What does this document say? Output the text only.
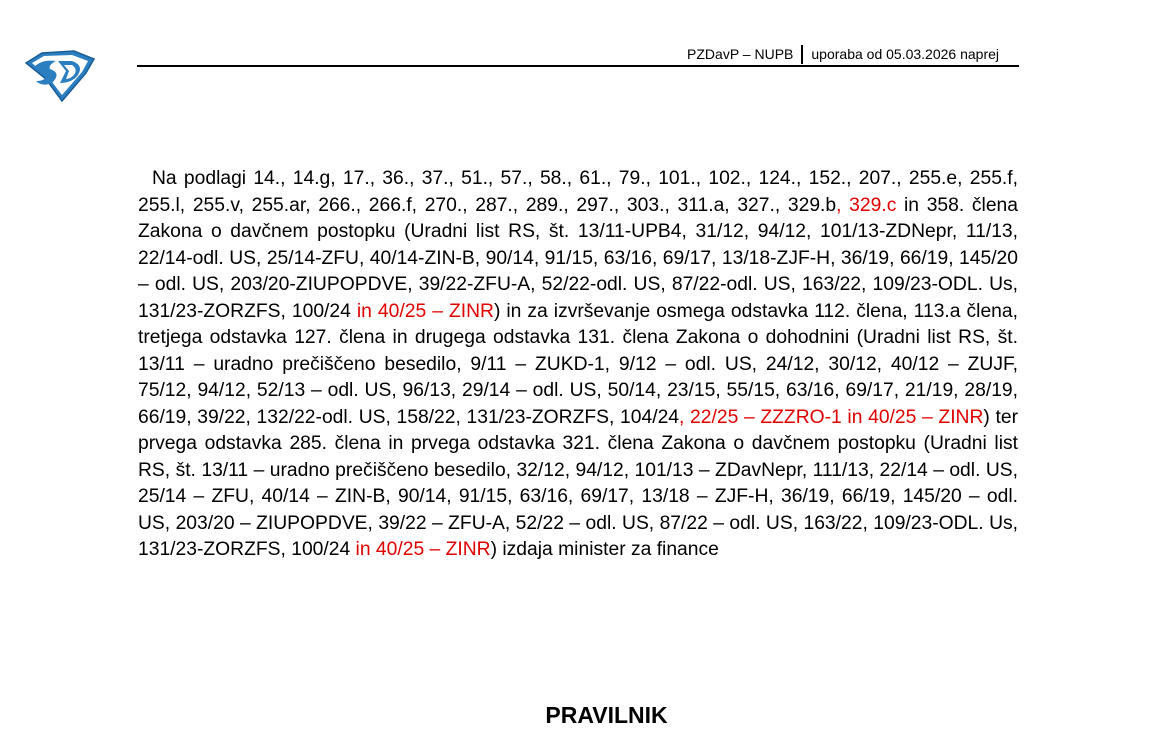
PZDavP – NUPB uporaba od 05.03.2026 naprej

Na podlagi 14., 14.g, 17., 36., 37., 51., 57., 58., 61., 79., 101., 102., 124., 152., 207., 255.e, 255.f, 255.l, 255.v, 255.ar, 266., 266.f, 270., 287., 289., 297., 303., 311.a, 327., 329.b, 329.c in 358. člena Zakona o davčnem postopku (Uradni list RS, št. 13/11-UPB4, 31/12, 94/12, 101/13-ZDNepr, 11/13, 22/14-odl. US, 25/14-ZFU, 40/14-ZIN-B, 90/14, 91/15, 63/16, 69/17, 13/18-ZJF-H, 36/19, 66/19, 145/20 – odl. US, 203/20-ZIUPOPDVE, 39/22-ZFU-A, 52/22-odl. US, 87/22-odl. US, 163/22, 109/23-ODL. Us, 131/23-ZORZFS, 100/24 in 40/25 – ZINR) in za izvrševanje osmega odstavka 112. člena, 113.a člena, tretjega odstavka 127. člena in drugega odstavka 131. člena Zakona o dohodnini (Uradni list RS, št. 13/11 – uradno prečiščeno besedilo, 9/11 – ZUKD-1, 9/12 – odl. US, 24/12, 30/12, 40/12 – ZUJF, 75/12, 94/12, 52/13 – odl. US, 96/13, 29/14 – odl. US, 50/14, 23/15, 55/15, 63/16, 69/17, 21/19, 28/19, 66/19, 39/22, 132/22-odl. US, 158/22, 131/23-ZORZFS, 104/24, 22/25 – ZZZRO-1 in 40/25 – ZINR) ter prvega odstavka 285. člena in prvega odstavka 321. člena Zakona o davčnem postopku (Uradni list RS, št. 13/11 – uradno prečiščeno besedilo, 32/12, 94/12, 101/13 – ZDavNepr, 111/13, 22/14 – odl. US, 25/14 – ZFU, 40/14 – ZIN-B, 90/14, 91/15, 63/16, 69/17, 13/18 – ZJF-H, 36/19, 66/19, 145/20 – odl. US, 203/20 – ZIUPOPDVE, 39/22 – ZFU-A, 52/22 – odl. US, 87/22 – odl. US, 163/22, 109/23-ODL. Us, 131/23-ZORZFS, 100/24 in 40/25 – ZINR) izdaja minister za finance

PRAVILNIK
